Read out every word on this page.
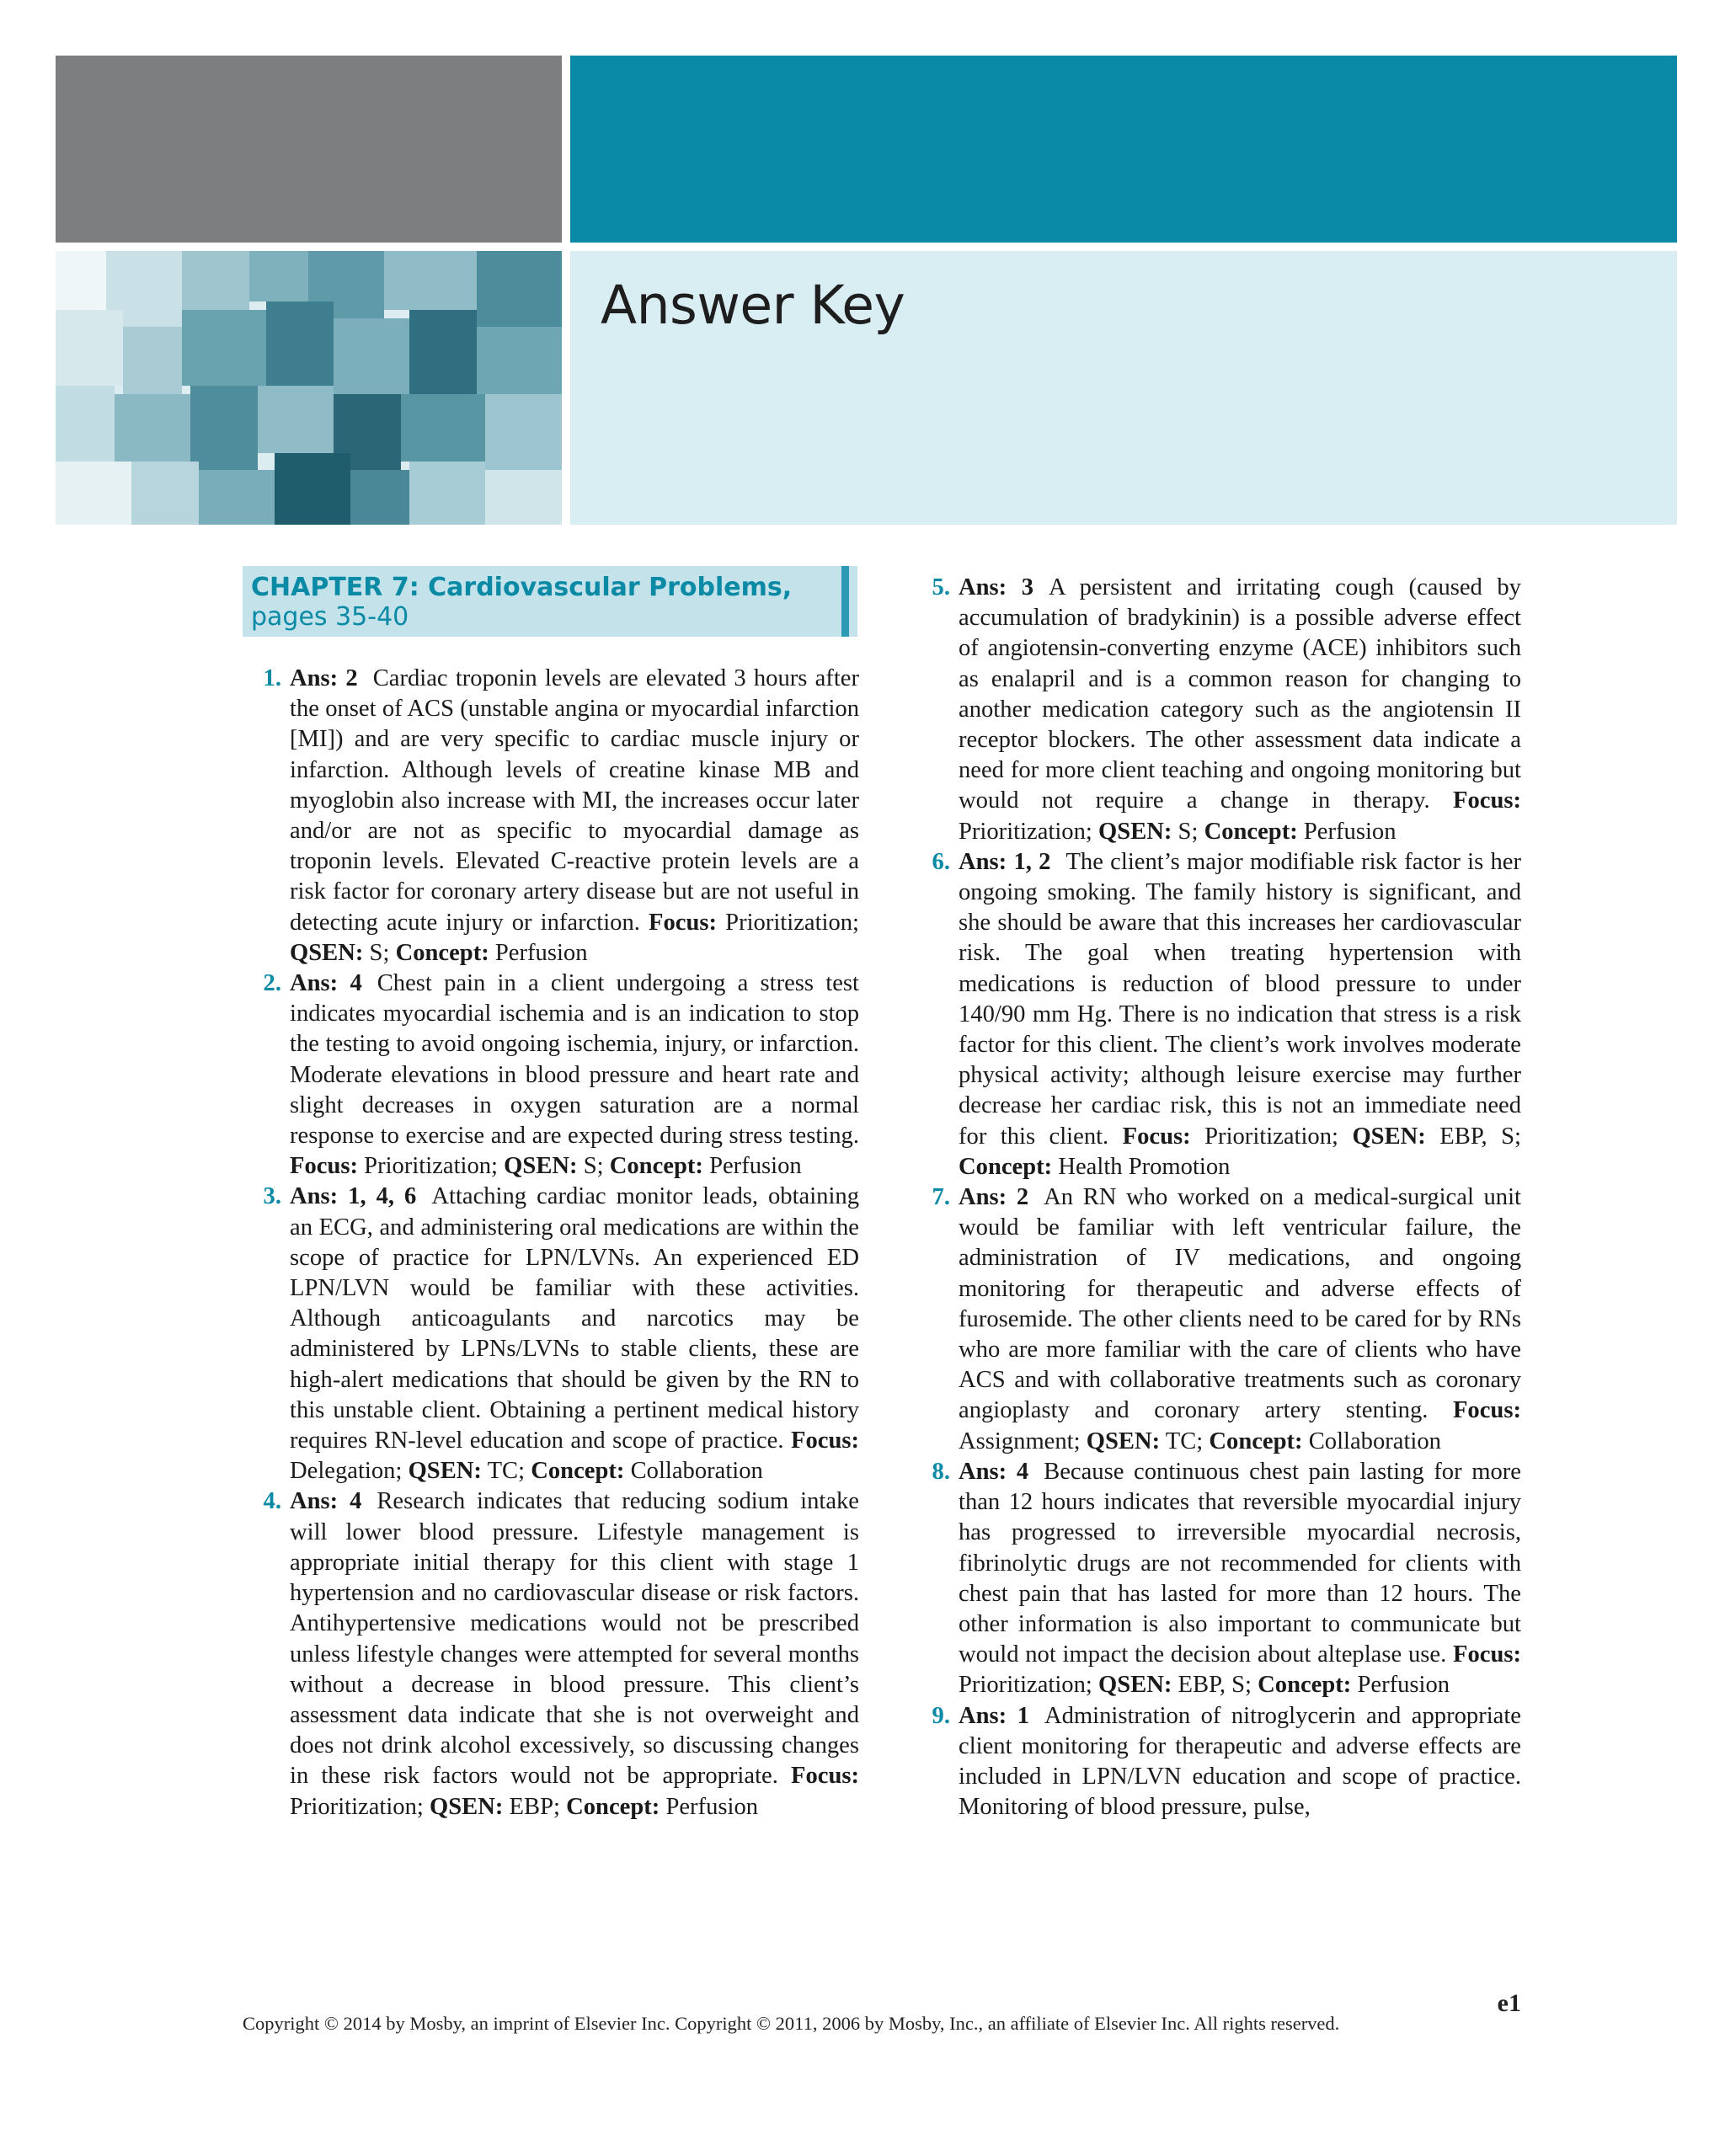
Answer Key
CHAPTER 7: Cardiovascular Problems,
pages 35-40

1. Ans: 2 Cardiac troponin levels are elevated 3 hours after the onset of ACS (unstable angina or myocardial infarction [MI]) and are very specific to cardiac muscle injury or infarction. Although levels of creatine kinase MB and myoglobin also increase with MI, the increases occur later and/or are not as specific to myocardial damage as troponin levels. Elevated C-reactive protein levels are a risk factor for coronary artery disease but are not useful in detecting acute injury or infarction. Focus: Prioritization; QSEN: S; Concept: Perfusion

2. Ans: 4 Chest pain in a client undergoing a stress test indicates myocardial ischemia and is an indication to stop the testing to avoid ongoing ischemia, injury, or infarction. Moderate elevations in blood pressure and heart rate and slight decreases in oxygen saturation are a normal response to exercise and are expected during stress testing. Focus: Prioritization; QSEN: S; Concept: Perfusion

3. Ans: 1, 4, 6 Attaching cardiac monitor leads, obtaining an ECG, and administering oral medications are within the scope of practice for LPN/LVNs. An experienced ED LPN/LVN would be familiar with these activities. Although anticoagulants and narcotics may be administered by LPNs/LVNs to stable clients, these are high-alert medications that should be given by the RN to this unstable client. Obtaining a pertinent medical history requires RN-level education and scope of practice. Focus: Delegation; QSEN: TC; Concept: Collaboration

4. Ans: 4 Research indicates that reducing sodium intake will lower blood pressure. Lifestyle management is appropriate initial therapy for this client with stage 1 hypertension and no cardiovascular disease or risk factors. Antihypertensive medications would not be prescribed unless lifestyle changes were attempted for several months without a decrease in blood pressure. This client’s assessment data indicate that she is not overweight and does not drink alcohol excessively, so discussing changes in these risk factors would not be appropriate. Focus: Prioritization; QSEN: EBP; Concept: Perfusion

5. Ans: 3 A persistent and irritating cough (caused by accumulation of bradykinin) is a possible adverse effect of angiotensin-converting enzyme (ACE) inhibitors such as enalapril and is a common reason for changing to another medication category such as the angiotensin II receptor blockers. The other assessment data indicate a need for more client teaching and ongoing monitoring but would not require a change in therapy. Focus: Prioritization; QSEN: S; Concept: Perfusion

6. Ans: 1, 2 The client’s major modifiable risk factor is her ongoing smoking. The family history is significant, and she should be aware that this increases her cardiovascular risk. The goal when treating hypertension with medications is reduction of blood pressure to under 140/90 mm Hg. There is no indication that stress is a risk factor for this client. The client’s work involves moderate physical activity; although leisure exercise may further decrease her cardiac risk, this is not an immediate need for this client. Focus: Prioritization; QSEN: EBP, S; Concept: Health Promotion

7. Ans: 2 An RN who worked on a medical-surgical unit would be familiar with left ventricular failure, the administration of IV medications, and ongoing monitoring for therapeutic and adverse effects of furosemide. The other clients need to be cared for by RNs who are more familiar with the care of clients who have ACS and with collaborative treatments such as coronary angioplasty and coronary artery stenting. Focus: Assignment; QSEN: TC; Concept: Collaboration

8. Ans: 4 Because continuous chest pain lasting for more than 12 hours indicates that reversible myocardial injury has progressed to irreversible myocardial necrosis, fibrinolytic drugs are not recommended for clients with chest pain that has lasted for more than 12 hours. The other information is also important to communicate but would not impact the decision about alteplase use. Focus: Prioritization; QSEN: EBP, S; Concept: Perfusion

9. Ans: 1 Administration of nitroglycerin and appropriate client monitoring for therapeutic and adverse effects are included in LPN/LVN education and scope of practice. Monitoring of blood pressure, pulse,

e1
Copyright © 2014 by Mosby, an imprint of Elsevier Inc. Copyright © 2011, 2006 by Mosby, Inc., an affiliate of Elsevier Inc. All rights reserved.
